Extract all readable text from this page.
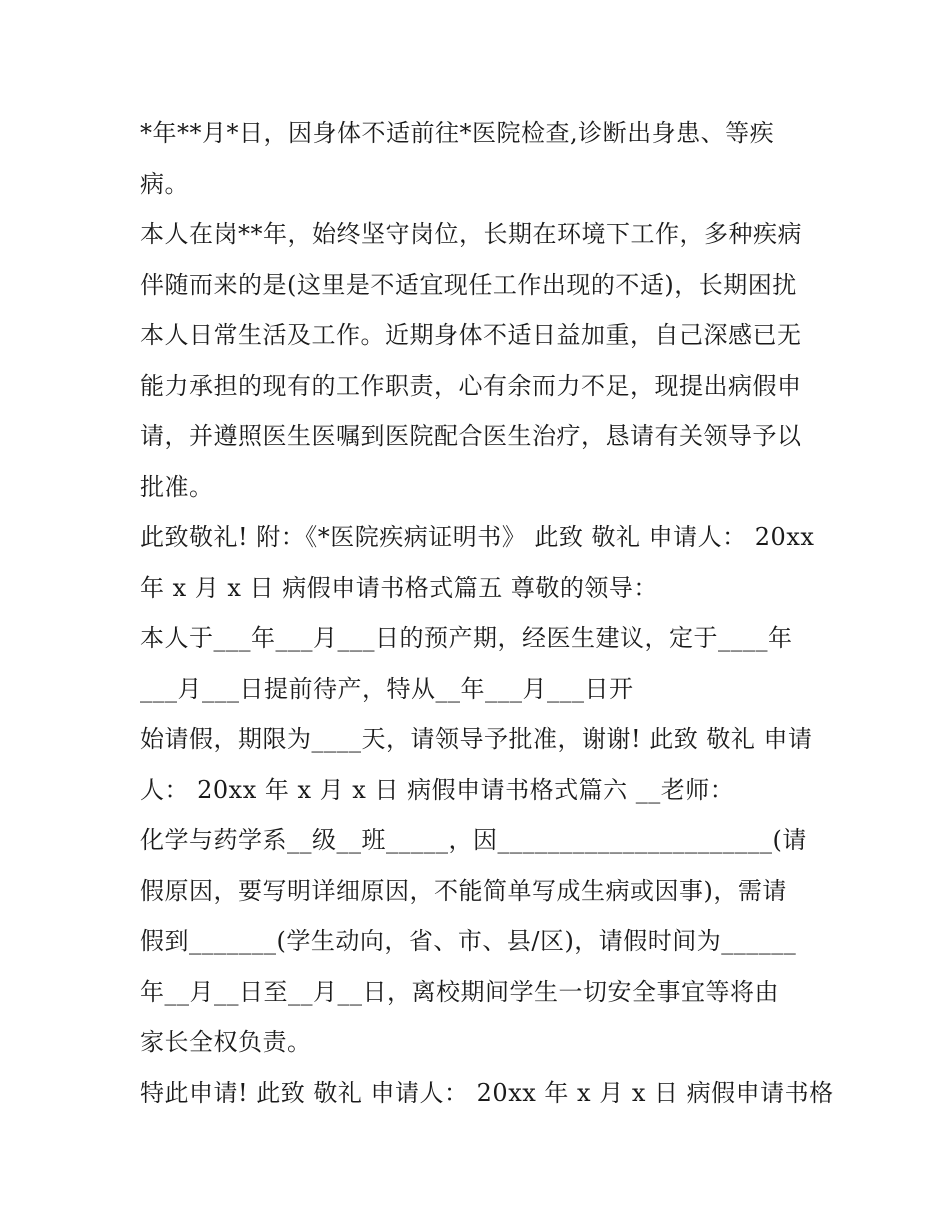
*年**月*日，因身体不适前往*医院检查,诊断出身患、等疾
病。
本人在岗**年，始终坚守岗位，长期在环境下工作，多种疾病
伴随而来的是(这里是不适宜现任工作出现的不适)，长期困扰
本人日常生活及工作。近期身体不适日益加重，自己深感已无
能力承担的现有的工作职责，心有余而力不足，现提出病假申
请，并遵照医生医嘱到医院配合医生治疗，恳请有关领导予以
批准。
此致敬礼! 附：《*医院疾病证明书》 此致 敬礼 申请人： 20xx
年 x 月 x 日 病假申请书格式篇五 尊敬的领导：
本人于___年___月___日的预产期，经医生建议，定于____年
___月___日提前待产，特从__年___月___日开
始请假，期限为____天，请领导予批准，谢谢! 此致 敬礼 申请
人： 20xx 年 x 月 x 日 病假申请书格式篇六 __老师：
化学与药学系__级__班_____，因______________________(请
假原因，要写明详细原因，不能简单写成生病或因事)，需请
假到_______(学生动向，省、市、县/区)，请假时间为______
年__月__日至__月__日，离校期间学生一切安全事宜等将由
家长全权负责。
特此申请! 此致 敬礼 申请人： 20xx 年 x 月 x 日 病假申请书格
